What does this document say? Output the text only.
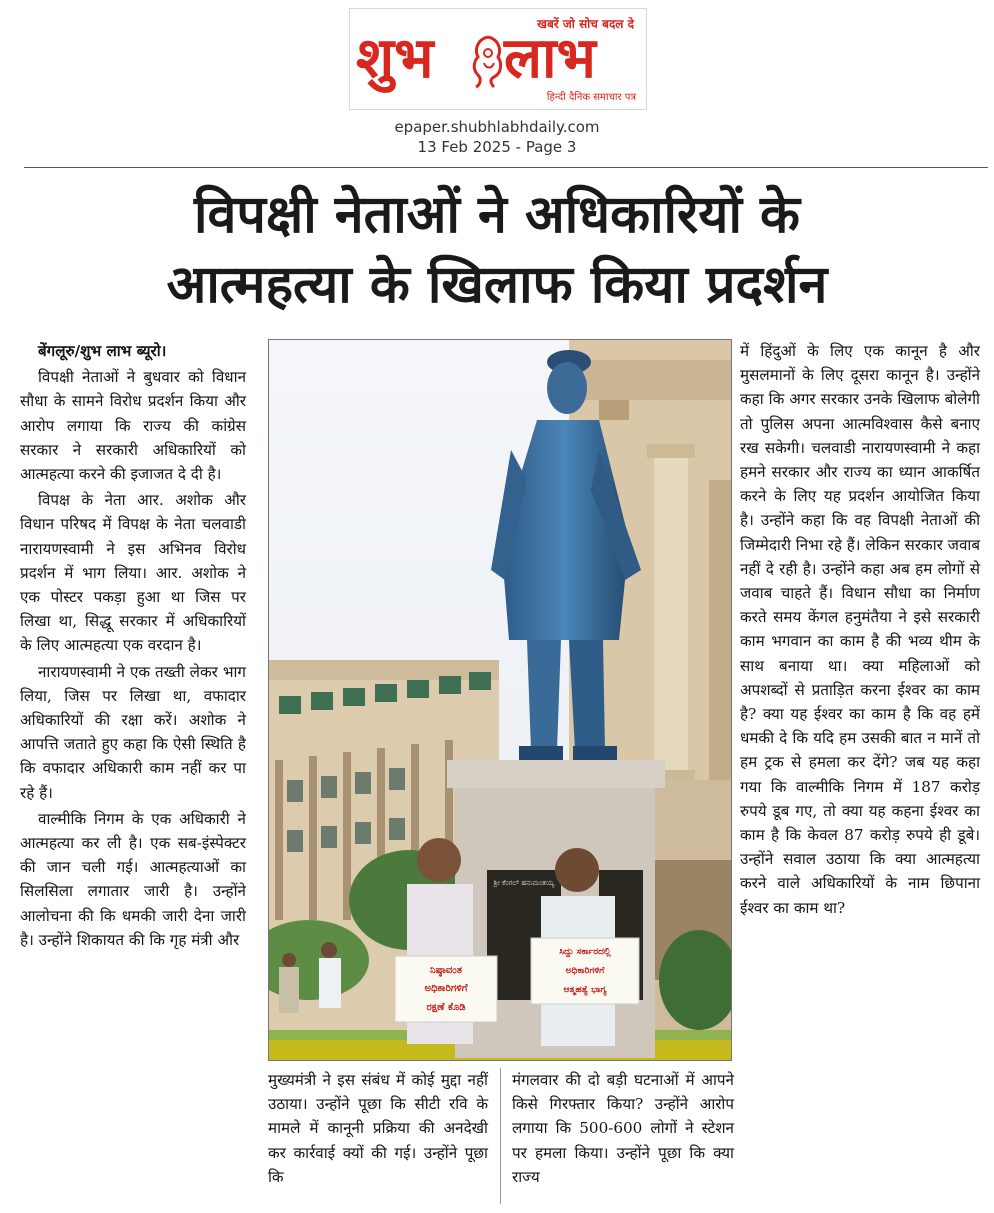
खबरें जो सोच बदल दे
शुभ लाभ
हिन्दी दैनिक समाचार पत्र
epaper.shubhlabhdaily.com
13 Feb 2025 - Page 3
विपक्षी नेताओं ने अधिकारियों के
आत्महत्या के खिलाफ किया प्रदर्शन

बेंगलूरु/शुभ लाभ ब्यूरो।

विपक्षी नेताओं ने बुधवार को विधान सौधा के सामने विरोध प्रदर्शन किया और आरोप लगाया कि राज्य की कांग्रेस सरकार ने सरकारी अधिकारियों को आत्महत्या करने की इजाजत दे दी है।

विपक्ष के नेता आर. अशोक और विधान परिषद में विपक्ष के नेता चलवाडी नारायणस्वामी ने इस अभिनव विरोध प्रदर्शन में भाग लिया। आर. अशोक ने एक पोस्टर पकड़ा हुआ था जिस पर लिखा था, सिद्धू सरकार में अधिकारियों के लिए आत्महत्या एक वरदान है।

नारायणस्वामी ने एक तख्ती लेकर भाग लिया, जिस पर लिखा था, वफादार अधिकारियों की रक्षा करें। अशोक ने आपत्ति जताते हुए कहा कि ऐसी स्थिति है कि वफादार अधिकारी काम नहीं कर पा रहे हैं।

वाल्मीकि निगम के एक अधिकारी ने आत्महत्या कर ली है। एक सब-इंस्पेक्टर की जान चली गई। आत्महत्याओं का सिलसिला लगातार जारी है। उन्होंने आलोचना की कि धमकी जारी देना जारी है। उन्होंने शिकायत की कि गृह मंत्री और

ಶ್ರೀ ಕೆಂಗಲ್ ಹನುಮಂತಯ್ಯ
ನಿಷ್ಠಾವಂತ
ಅಧಿಕಾರಿಗಳಿಗೆ
ರಕ್ಷಣೆ ಕೊಡಿ
ಸಿದ್ದು ಸರ್ಕಾರದಲ್ಲಿ
ಅಧಿಕಾರಿಗಳಿಗೆ
ಆತ್ಮಹತ್ಯೆ ಭಾಗ್ಯ

मुख्यमंत्री ने इस संबंध में कोई मुद्दा नहीं उठाया। उन्होंने पूछा कि सीटी रवि के मामले में कानूनी प्रक्रिया की अनदेखी कर कार्रवाई क्यों की गई। उन्होंने पूछा कि

मंगलवार की दो बड़ी घटनाओं में आपने किसे गिरफ्तार किया? उन्होंने आरोप लगाया कि 500-600 लोगों ने स्टेशन पर हमला किया। उन्होंने पूछा कि क्या राज्य

में हिंदुओं के लिए एक कानून है और मुसलमानों के लिए दूसरा कानून है। उन्होंने कहा कि अगर सरकार उनके खिलाफ बोलेगी तो पुलिस अपना आत्मविश्वास कैसे बनाए रख सकेगी। चलवाडी नारायणस्वामी ने कहा हमने सरकार और राज्य का ध्यान आकर्षित करने के लिए यह प्रदर्शन आयोजित किया है। उन्होंने कहा कि वह विपक्षी नेताओं की जिम्मेदारी निभा रहे हैं। लेकिन सरकार जवाब नहीं दे रही है। उन्होंने कहा अब हम लोगों से जवाब चाहते हैं। विधान सौधा का निर्माण करते समय केंगल हनुमंतैया ने इसे सरकारी काम भगवान का काम है की भव्य थीम के साथ बनाया था। क्या महिलाओं को अपशब्दों से प्रताड़ित करना ईश्वर का काम है? क्या यह ईश्वर का काम है कि वह हमें धमकी दे कि यदि हम उसकी बात न मानें तो हम ट्रक से हमला कर देंगे? जब यह कहा गया कि वाल्मीकि निगम में 187 करोड़ रुपये डूब गए, तो क्या यह कहना ईश्वर का काम है कि केवल 87 करोड़ रुपये ही डूबे। उन्होंने सवाल उठाया कि क्या आत्महत्या करने वाले अधिकारियों के नाम छिपाना ईश्वर का काम था?
